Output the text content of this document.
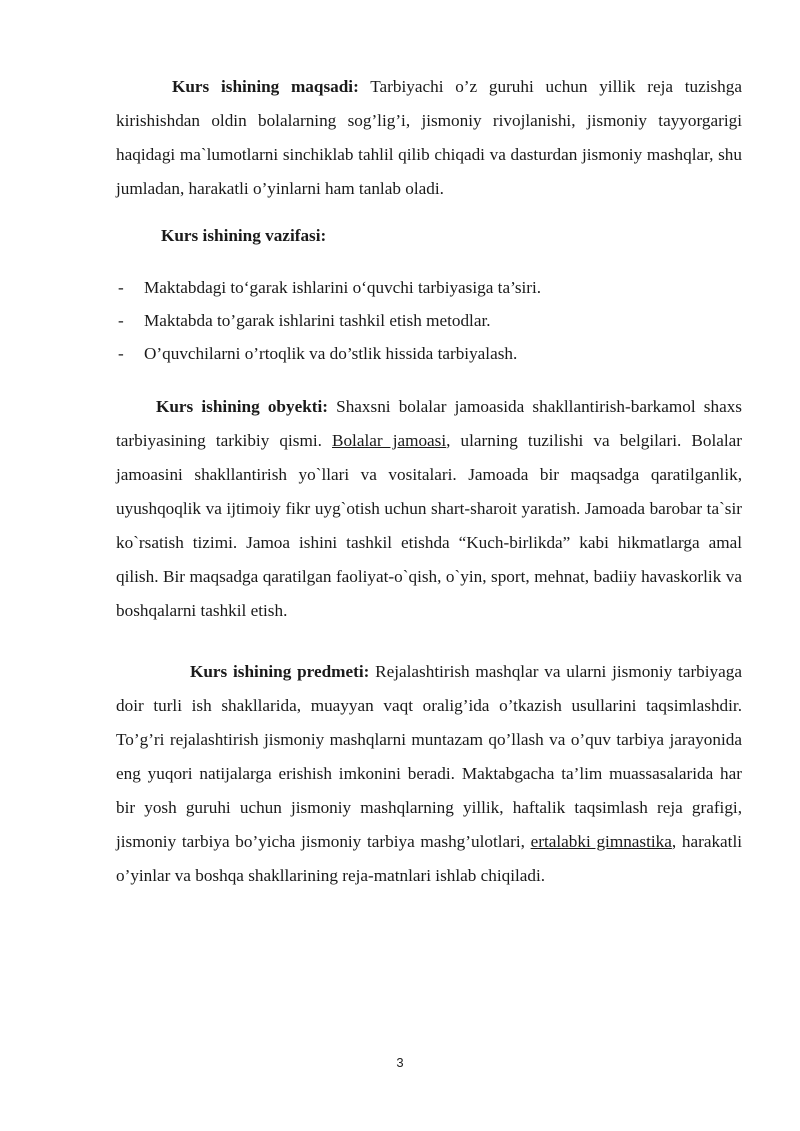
Kurs ishining maqsadi: Tarbiyachi o’z guruhi uchun yillik reja tuzishga kirishishdan oldin bolalarning sog’lig’i, jismoniy rivojlanishi, jismoniy tayyorgarigi haqidagi ma`lumotlarni sinchiklab tahlil qilib chiqadi va dasturdan jismoniy mashqlar, shu jumladan, harakatli o’yinlarni ham tanlab oladi.

Kurs ishining vazifasi:

- Maktabdagi to‘garak ishlarini o‘quvchi tarbiyasiga ta’siri.
- Maktabda to’garak ishlarini tashkil etish metodlar.
- O’quvchilarni o’rtoqlik va do’stlik hissida tarbiyalash.

Kurs ishining obyekti: Shaxsni bolalar jamoasida shakllantirish-barkamol shaxs tarbiyasining tarkibiy qismi. Bolalar jamoasi, ularning tuzilishi va belgilari. Bolalar jamoasini shakllantirish yo`llari va vositalari. Jamoada bir maqsadga qaratilganlik, uyushqoqlik va ijtimoiy fikr uyg`otish uchun shart-sharoit yaratish. Jamoada barobar ta`sir ko`rsatish tizimi. Jamoa ishini tashkil etishda “Kuch-birlikda” kabi hikmatlarga amal qilish. Bir maqsadga qaratilgan faoliyat-o`qish, o`yin, sport, mehnat, badiiy havaskorlik va boshqalarni tashkil etish.

Kurs ishining predmeti: Rejalashtirish mashqlar va ularni jismoniy tarbiyaga doir turli ish shakllarida, muayyan vaqt oralig’ida o’tkazish usullarini taqsimlashdir. To’g’ri rejalashtirish jismoniy mashqlarni muntazam qo’llash va o’quv tarbiya jarayonida eng yuqori natijalarga erishish imkonini beradi. Maktabgacha ta’lim muassasalarida har bir yosh guruhi uchun jismoniy mashqlarning yillik, haftalik taqsimlash reja grafigi, jismoniy tarbiya bo’yicha jismoniy tarbiya mashg’ulotlari, ertalabki gimnastika, harakatli o’yinlar va boshqa shakllarining reja-matnlari ishlab chiqiladi.

3
